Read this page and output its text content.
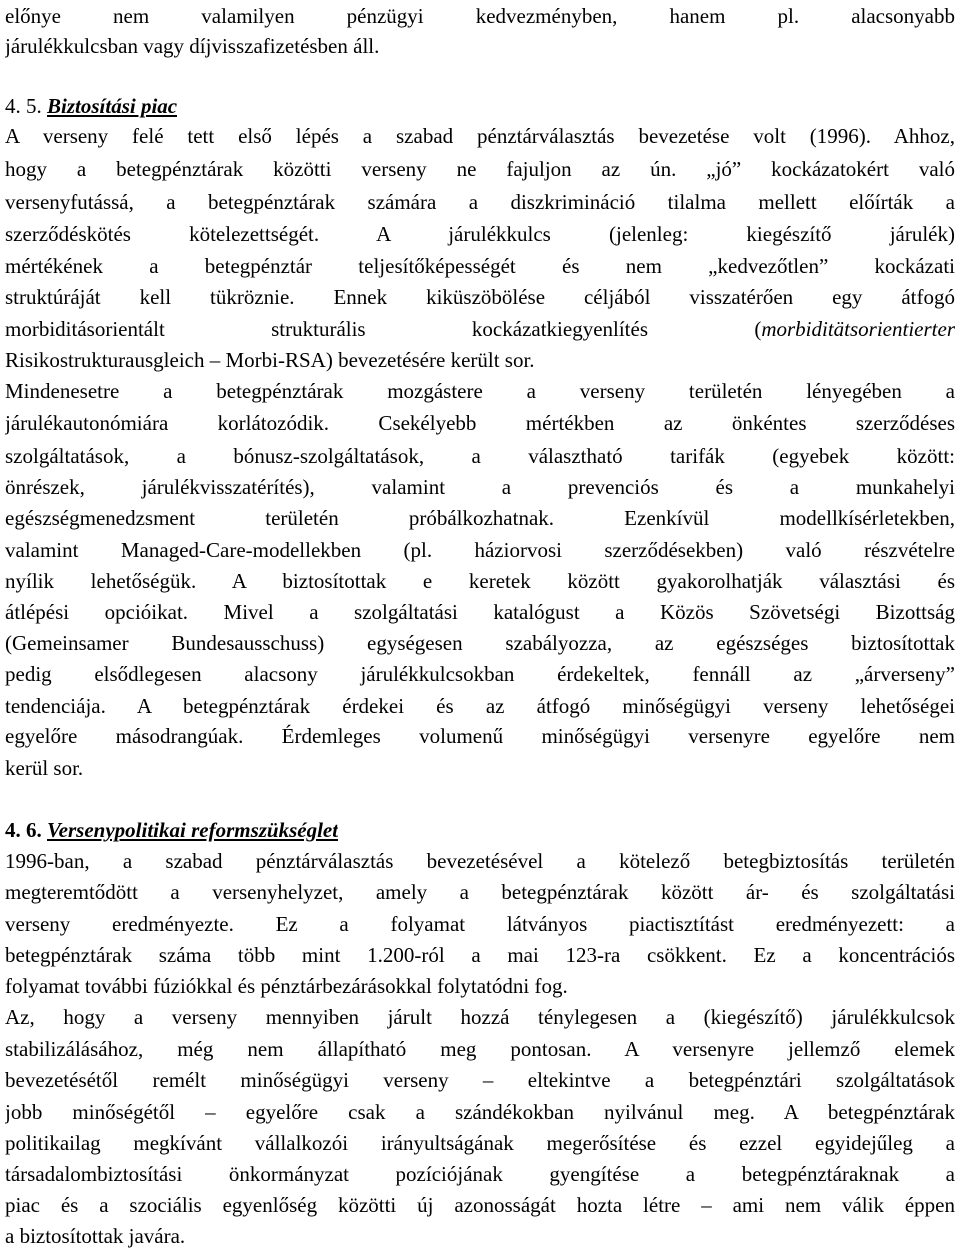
előnye nem valamilyen pénzügyi kedvezményben, hanem pl. alacsonyabb
járulékkulcsban vagy díjvisszafizetésben áll.
4. 5. Biztosítási piac
A verseny felé tett első lépés a szabad pénztárválasztás bevezetése volt (1996). Ahhoz,
hogy a betegpénztárak közötti verseny ne fajuljon az ún. „jó” kockázatokért való
versenyfutássá, a betegpénztárak számára a diszkrimináció tilalma mellett előírták a
szerződéskötés kötelezettségét. A járulékkulcs (jelenleg: kiegészítő járulék)
mértékének a betegpénztár teljesítőképességét és nem „kedvezőtlen” kockázati
struktúráját kell tükröznie. Ennek kiküszöbölése céljából visszatérően egy átfogó
morbiditásorientált strukturális kockázatkiegyenlítés (morbiditätsorientierter
Risikostrukturausgleich – Morbi-RSA) bevezetésére került sor.
Mindenesetre a betegpénztárak mozgástere a verseny területén lényegében a
járulékautonómiára korlátozódik. Csekélyebb mértékben az önkéntes szerződéses
szolgáltatások, a bónusz-szolgáltatások, a választható tarifák (egyebek között:
önrészek, járulékvisszatérítés), valamint a prevenciós és a munkahelyi
egészségmenedzsment területén próbálkozhatnak. Ezenkívül modellkísérletekben,
valamint Managed-Care-modellekben (pl. háziorvosi szerződésekben) való részvételre
nyílik lehetőségük. A biztosítottak e keretek között gyakorolhatják választási és
átlépési opcióikat. Mivel a szolgáltatási katalógust a Közös Szövetségi Bizottság
(Gemeinsamer Bundesausschuss) egységesen szabályozza, az egészséges biztosítottak
pedig elsődlegesen alacsony járulékkulcsokban érdekeltek, fennáll az „árverseny”
tendenciája. A betegpénztárak érdekei és az átfogó minőségügyi verseny lehetőségei
egyelőre másodrangúak. Érdemleges volumenű minőségügyi versenyre egyelőre nem
kerül sor.
4. 6. Versenypolitikai reformszükséglet
1996-ban, a szabad pénztárválasztás bevezetésével a kötelező betegbiztosítás területén
megteremtődött a versenyhelyzet, amely a betegpénztárak között ár- és szolgáltatási
verseny eredményezte. Ez a folyamat látványos piactisztítást eredményezett: a
betegpénztárak száma több mint 1.200-ról a mai 123-ra csökkent. Ez a koncentrációs
folyamat további fúziókkal és pénztárbezárásokkal folytatódni fog.
Az, hogy a verseny mennyiben járult hozzá ténylegesen a (kiegészítő) járulékkulcsok
stabilizálásához, még nem állapítható meg pontosan. A versenyre jellemző elemek
bevezetésétől remélt minőségügyi verseny – eltekintve a betegpénztári szolgáltatások
jobb minőségétől – egyelőre csak a szándékokban nyilvánul meg. A betegpénztárak
politikailag megkívánt vállalkozói irányultságának megerősítése és ezzel egyidejűleg a
társadalombiztosítási önkormányzat pozíciójának gyengítése a betegpénztáraknak a
piac és a szociális egyenlőség közötti új azonosságát hozta létre – ami nem válik éppen
a biztosítottak javára.
